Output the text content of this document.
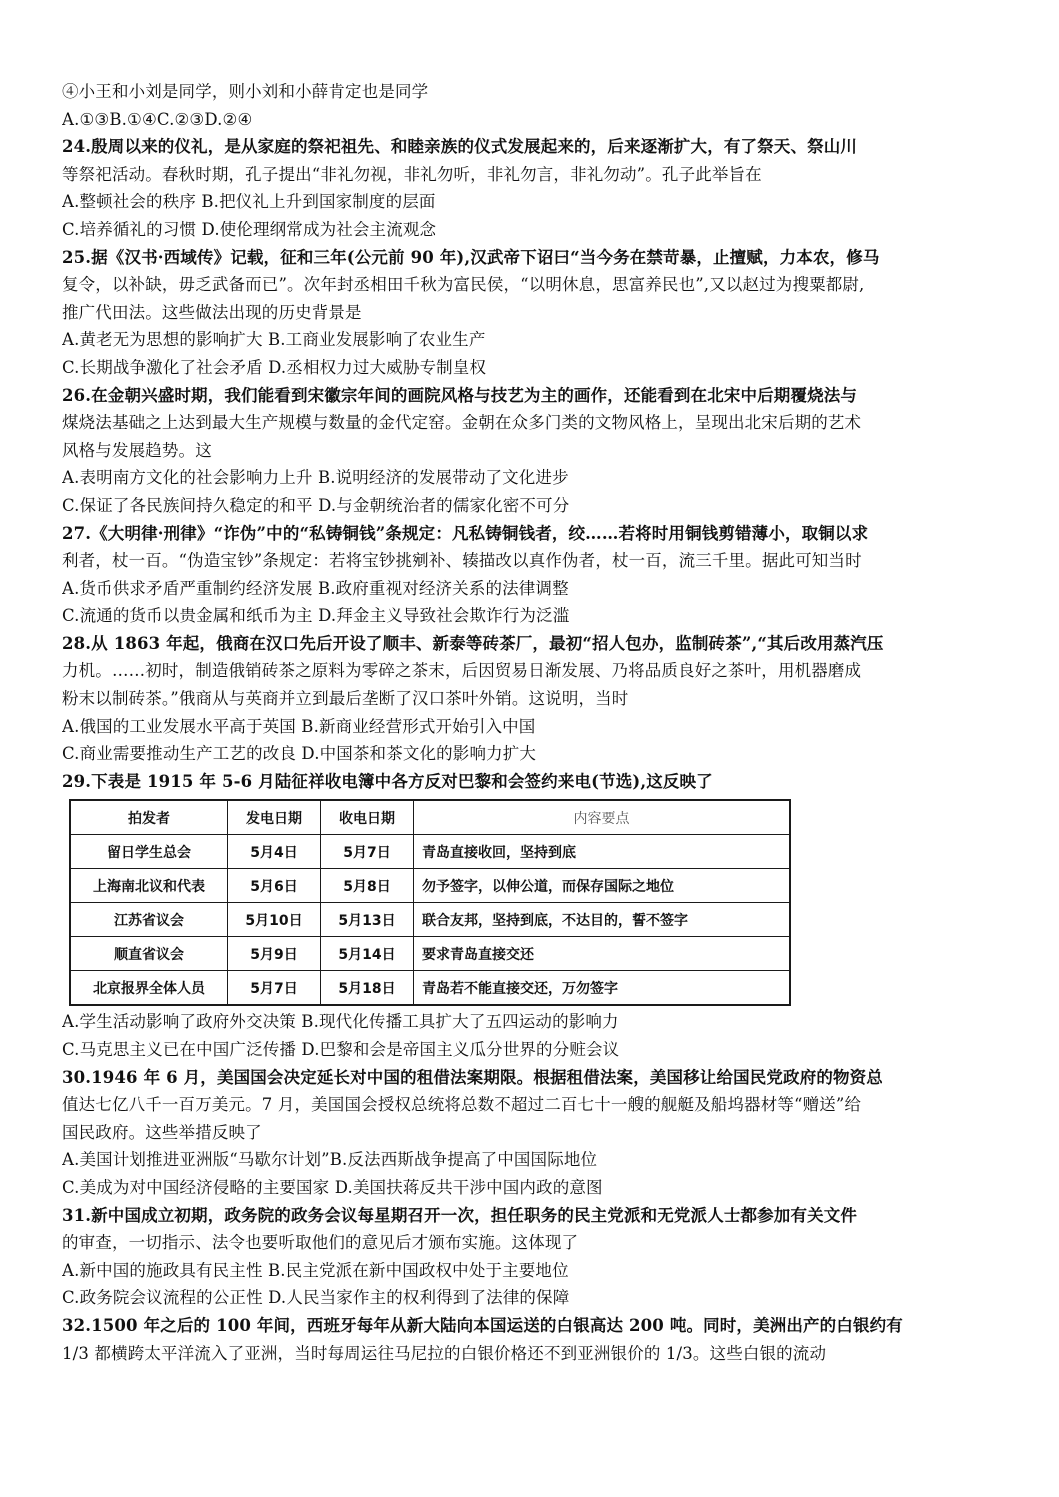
④小王和小刘是同学，则小刘和小薛肯定也是同学
A.①③B.①④C.②③D.②④
24.殷周以来的仪礼，是从家庭的祭祀祖先、和睦亲族的仪式发展起来的，后来逐渐扩大，有了祭天、祭山川
等祭祀活动。春秋时期，孔子提出“非礼勿视，非礼勿听，非礼勿言，非礼勿动”。孔子此举旨在
A.整顿社会的秩序 B.把仪礼上升到国家制度的层面
C.培养循礼的习惯 D.使伦理纲常成为社会主流观念
25.据《汉书·西域传》记载，征和三年(公元前 90 年),汉武帝下诏曰“当今务在禁苛暴，止擅赋，力本农，修马
复令，以补缺，毋乏武备而已”。次年封丞相田千秋为富民侯，“以明休息，思富养民也”,又以赵过为搜粟都尉,
推广代田法。这些做法出现的历史背景是
A.黄老无为思想的影响扩大 B.工商业发展影响了农业生产
C.长期战争激化了社会矛盾 D.丞相权力过大威胁专制皇权
26.在金朝兴盛时期，我们能看到宋徽宗年间的画院风格与技艺为主的画作，还能看到在北宋中后期覆烧法与
煤烧法基础之上达到最大生产规模与数量的金代定窑。金朝在众多门类的文物风格上，呈现出北宋后期的艺术
风格与发展趋势。这
A.表明南方文化的社会影响力上升 B.说明经济的发展带动了文化进步
C.保证了各民族间持久稳定的和平 D.与金朝统治者的儒家化密不可分
27.《大明律·刑律》“诈伪”中的“私铸铜钱”条规定：凡私铸铜钱者，绞……若将时用铜钱剪错薄小，取铜以求
利者，杖一百。“伪造宝钞”条规定：若将宝钞挑剜补、辏描改以真作伪者，杖一百，流三千里。据此可知当时
A.货币供求矛盾严重制约经济发展 B.政府重视对经济关系的法律调整
C.流通的货币以贵金属和纸币为主 D.拜金主义导致社会欺诈行为泛滥
28.从 1863 年起，俄商在汉口先后开设了顺丰、新泰等砖茶厂，最初“招人包办，监制砖茶”,“其后改用蒸汽压
力机。……初时，制造俄销砖茶之原料为零碎之茶末，后因贸易日渐发展、乃将品质良好之茶叶，用机器磨成
粉末以制砖茶。”俄商从与英商并立到最后垄断了汉口茶叶外销。这说明，当时
A.俄国的工业发展水平高于英国 B.新商业经营形式开始引入中国
C.商业需要推动生产工艺的改良 D.中国茶和茶文化的影响力扩大
29.下表是 1915 年 5-6 月陆征祥收电簿中各方反对巴黎和会签约来电(节选),这反映了
拍发者	发电日期	收电日期	内容要点
留日学生总会	5月4日	5月7日	青岛直接收回，坚持到底
上海南北议和代表	5月6日	5月8日	勿予签字，以伸公道，而保存国际之地位
江苏省议会	5月10日	5月13日	联合友邦，坚持到底，不达目的，誓不签字
顺直省议会	5月9日	5月14日	要求青岛直接交还
北京报界全体人员	5月7日	5月18日	青岛若不能直接交还，万勿签字
A.学生活动影响了政府外交决策 B.现代化传播工具扩大了五四运动的影响力
C.马克思主义已在中国广泛传播 D.巴黎和会是帝国主义瓜分世界的分赃会议
30.1946 年 6 月，美国国会决定延长对中国的租借法案期限。根据租借法案，美国移让给国民党政府的物资总
值达七亿八千一百万美元。7 月，美国国会授权总统将总数不超过二百七十一艘的舰艇及船坞器材等“赠送”给
国民政府。这些举措反映了
A.美国计划推进亚洲版“马歇尔计划”B.反法西斯战争提高了中国国际地位
C.美成为对中国经济侵略的主要国家 D.美国扶蒋反共干涉中国内政的意图
31.新中国成立初期，政务院的政务会议每星期召开一次，担任职务的民主党派和无党派人士都参加有关文件
的审查，一切指示、法令也要听取他们的意见后才颁布实施。这体现了
A.新中国的施政具有民主性 B.民主党派在新中国政权中处于主要地位
C.政务院会议流程的公正性 D.人民当家作主的权利得到了法律的保障
32.1500 年之后的 100 年间，西班牙每年从新大陆向本国运送的白银高达 200 吨。同时，美洲出产的白银约有
1/3 都横跨太平洋流入了亚洲，当时每周运往马尼拉的白银价格还不到亚洲银价的 1/3。这些白银的流动
